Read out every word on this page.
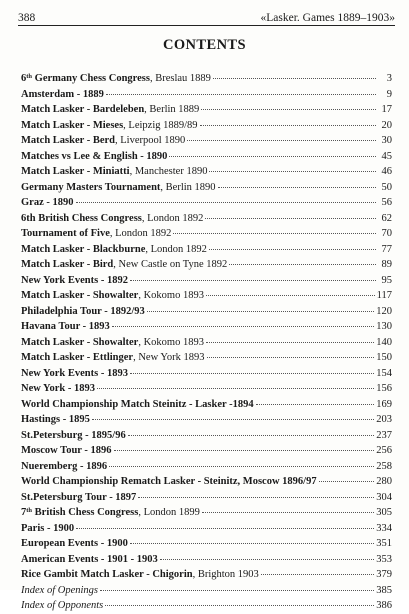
388	«Lasker. Games 1889–1903»
CONTENTS
6th Germany Chess Congress, Breslau 1889	3
Amsterdam - 1889	9
Match Lasker - Bardeleben, Berlin 1889	17
Match Lasker - Mieses, Leipzig 1889/89	20
Match Lasker - Berd, Liverpool 1890	30
Matches vs Lee & English - 1890	45
Match Lasker - Miniatti, Manchester 1890	46
Germany Masters Tournament, Berlin 1890	50
Graz - 1890	56
6th British Chess Congress, London 1892	62
Tournament of Five, London 1892	70
Match Lasker - Blackburne, London 1892	77
Match Lasker - Bird, New Castle on Tyne 1892	89
New York Events - 1892	95
Match Lasker - Showalter, Kokomo 1893	117
Philadelphia Tour - 1892/93	120
Havana Tour - 1893	130
Match Lasker - Showalter, Kokomo 1893	140
Match Lasker - Ettlinger, New York 1893	150
New York Events - 1893	154
New York - 1893	156
World Championship Match Steinitz - Lasker -1894	169
Hastings - 1895	203
St.Petersburg - 1895/96	237
Moscow Tour - 1896	256
Nueremberg - 1896	258
World Championship Rematch Lasker - Steinitz, Moscow 1896/97	280
St.Petersburg Tour - 1897	304
7th British Chess Congress, London 1899	305
Paris - 1900	334
European Events - 1900	351
American Events - 1901 - 1903	353
Rice Gambit Match Lasker - Chigorin, Brighton 1903	379
Index of Openings	385
Index of Opponents	386
